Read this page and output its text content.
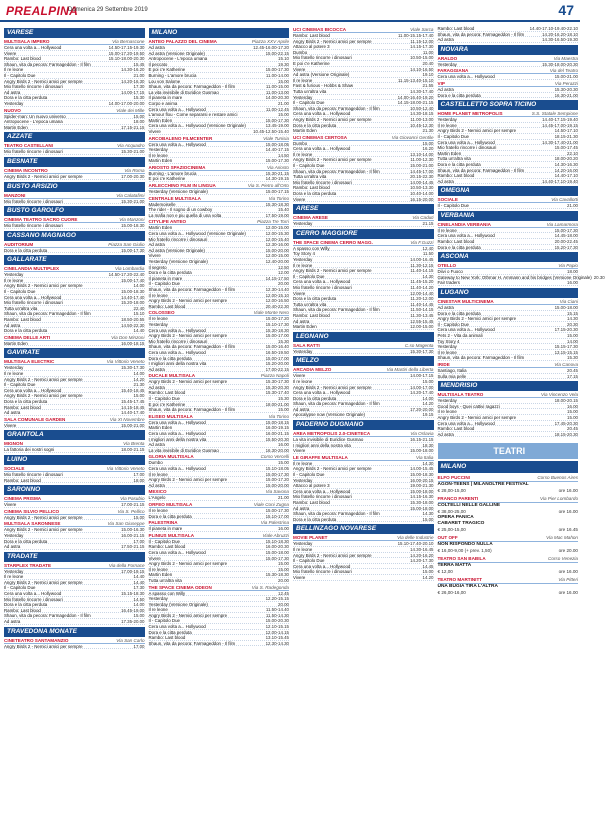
PREALPINA
Domenica 29 Settembre 2019	47
VARESE
MULTISALA IMPERO	Via Bernascone
Cera una volta a... Hollywood	14.50-17.15-19.30
Vivere	15.00-17.20-19.50
Rambo: Last blood	15.10-18.00-20.30
Shaun, vita da pecora: Farmageddon - Il film	15.45
Il re leone	14.30-16.20
Il - Capitolo Due	21.00
Angry Birds 2 - Nemici amici per sempre	14.20-16.30
Mio fratello rincorre i dinosauri	17.30
Ad astra	14.00-17.15
Dora e la citta perduta	15.30
Yesterday	14.00-17.00-20.00
NUOVO	Viale dei Mille
Spider-man: Un nuovo universo	15.00
Antropocene - L'epoca umana	18.00
Martin Eden	17.15-21.15
AZZATE
TEATRO CASTELLANI	Via Acquadro
Mio fratello rincorre i dinosauri	15.30-21.00
BESNATE
CINEMA INCONTRO	Via Roma
Angry Birds 2 - Nemici amici per sempre	17.00-20.30
BUSTO ARSIZIO
MANZONI	Via Calatafimi
Mio fratello rincorre i dinosauri	15.30-21.00
BUSTO GAROLFO
CINEMA TEATRO SACRO CUORE	Via Manzoni
Mio fratello rincorre i dinosauri	15.00-18.30
CASSANO MAGNAGO
AUDITORIUM	Piazza San Giulio
Dora e la citta perduta	15.00-17.30
GALLARATE
CINELANDIA MULTIPLEX	Via Lombardia
Yesterday	14.50-17.20-22.40
Il re leone	15.00-17.40
Angry Birds 2 - Nemici amici per sempre	14.00
Il - Capitolo Due	15.00-18.30
Cera una volta a... Hollywood	14.40-17.40
Mio fratello rincorre i dinosauri	15.20-18.00
Tutta un'altra vita	22.40
Shaun, vita da pecora: Farmageddon - Il film	15.10
Rambo: Last blood	18.50-20.55
Ad astra	14.50-22.30
Dora e la citta perduta	14.40
CINEMA DELLE ARTI	Via Don Minzoni
Martin Eden	16.00-18.15
GAVIRATE
MULTISALA ELECTRIC	Via Vittorio Veneto
Yesterday	15.30-17.30
Il re leone	14.00
Angry Birds 2 - Nemici amici per sempre	14.20
Il - Capitolo Due	21.30
Cera una volta a... Hollywood	15.40-18.45
Angry Birds 2 - Nemici amici per sempre	15.00
Dora e la citta perduta	15.45-17.45
Rambo: Last blood	14.15-18.45
Ad astra	14.40-17.40
SALA COMUNALE GARDEN	Via XI Novembre
Vivere	15.00-21.00
GRANTOLA
MIGNON	Via Brenta
La fattoria dei nostri sogni	18.00-21.15
LUINO
SOCIALE	Via Vittorio Veneto
Mio fratello rincorre i dinosauri	17.00
Rambo: Last blood	18.00
SARONNO
CINEMA PRISMA	Via Pasubio
Vivere	17.00-21.15
CINEMA SILVIO PELLICO	Via S. Pellico
Angry Birds 2 - Nemici amici per sempre	15.00
MULTISALA SARONNESE	Via San Giuseppe
Angry Birds 2 - Nemici amici per sempre	15.00-16.30
Yesterday	16.00-21.15
Dora e la citta perduta	17.00
Ad astra	17.50-21.15
TRADATE
STARPLEX TRADATE	Via della Fornace
Yesterday	17.00-19.15
Il re leone	14.40
Angry Birds 2 - Nemici amici per sempre	14.40
Il - Capitolo Due	17.30
Cera una volta a... Hollywood	15.15-18.30
Mio fratello rincorre i dinosauri	14.50
Dora e la citta perduta	14.00
Rambo: Last blood	16.45-19.00
Shaun, vita da pecora: Farmageddon - Il film	15.00
Ad astra	17.35-20.00
TRAVEDONA MONATE
CINETEATRO SANTAMANZIO	Via San Carlo
Angry Birds 2 - Nemici amici per sempre	17.00
MILANO
ANTEO PALAZZO DEL CINEMA	Piazza XXV Aprile
Ad astra	12.45-16.00-17.20
Ad astra (Versione Originale)	15.00-22.15
Antropocene - L'epoca umana	15.10
Il peccato	19.30
E poi c'e Katherine	15.00-17.30
Burning - L'amore brucia	11.00-14.00
Lou von Salome	15.00
Shaun, vita da pecora: Farmageddon - Il film	11.00-15.00
La vita invisibile di Euridice Gusmao	11.00-13.00
Il pianeta in mare	14.00-20.30
Corpo e anima	21.00
Cera una volta a... Hollywood	11.00-12.45
L'amour flou - Come separarsi e restare amici	15.00
Martin Eden	15.00-17.30
Cera una volta a... Hollywood (Versione Originale)	13.45-19.00
Vivere	10.45-12.50-15.40
ARCOBALENO FILMCENTER	Viale Tunisia
Cera una volta a... Hollywood	15.00-18.05
Yesterday	14.40-17.15
Il re leone	14.50
Martin Eden	15.00-17.30
ARIOSTO SPAZIOCINEMA	Via Ariosto
Burning - L'amore brucia	15.30-21.15
E poi c'e Katherine	14.30-19.15
ARLECCHINO FILM IN LINGUA	Via S. Pietro all'Orto
Yesterday (Versione Originale)	15.00-17.15
CENTRALE MULTISALA	Via Torino
Mademoiselle	15.30-18.30
The rider - Il sogno di un cowboy	15.40
La mafia non e piu quella di una volta	17.50-19.00
CITYLIFE ANTEO	Piazza Tre Torri
Martin Eden	12.00-15.00
Cera una volta a... Hollywood (Versione Originale)	12.00-15.30
Mio fratello rincorre i dinosauri	12.00-15.40
Ad astra	12.30-16.00
Ad astra (Versione Originale)	15.00-20.00
Vivere	12.00-15.00
Yesterday (Versione Originale)	12.40-20.00
Il segreto	12.50
Dora e la citta perduta	12.00
Il pianeta in mare	14.15-17.50
Il - Capitolo Due	20.00
Shaun, vita da pecora: Farmageddon - Il film	12.30-14.40
Il re leone	12.00-15.10
Angry Birds 2 - Nemici amici per sempre	12.00-16.50
Rambo: Last blood	20.40-22.30
COLOSSEO	Viale Monte Nero
Il re leone	15.00-17.20
Yesterday	15.10-17.30
Cera una volta a... Hollywood	15.30-18.30
Angry Birds 2 - Nemici amici per sempre	15.00-17.00
Mio fratello rincorre i dinosauri	15.30
Shaun, vita da pecora: Farmageddon - Il film	15.00-16.40
Cera una volta a... Hollywood	16.50-19.50
Dora e la citta perduta	15.00-17.00
I migliori anni della nostra vita	15.20-20.00
Ad astra	17.00-22.15
DUCALE MULTISALA	Piazza Napoli
Angry Birds 2 - Nemici amici per sempre	15.30-17.30
Ad astra	15.30-20.30
Rambo: Last blood	15.30-17.40
Il - Capitolo Due	15.30
E poi c'e Katherine	18.00-21.00
Shaun, vita da pecora: Farmageddon - Il film	15.00
ELISEO MULTISALA	Via Torino
Cera una volta a... Hollywood	15.00-18.15
Martin Eden	16.00-19.15
Cera una volta a... Hollywood	16.00-21.15
I migliori anni della nostra vita	15.50-20.30
Ad astra	16.00
La vita invisibile di Euridice Gusmao	16.30-20.00
GLORIA MULTISALA	Corso Vercelli
Dumbo	15.00
Cera una volta a... Hollywood	15.10-18.05
Il re leone	15.00-17.30
Angry Birds 2 - Nemici amici per sempre	15.00-17.20
Ad astra	15.00-20.00
MEXICO	Via Savona
L'Angelo	21.00
ORFEO MULTISALA	Viale Coni Zugna
Il re leone	15.00-17.30
Dora e la citta perduta	15.10-17.00
PALESTRINA	Via Palestrina
Il pianeta in mare	16.00
PLINIUS MULTISALA	Viale Abruzzi
Il - Capitolo Due	15.10-18.30
Rambo: Last blood	16.00-20.30
Cera una volta a... Hollywood	15.00-18.00
Vivere	15.00-17.30
Angry Birds 2 - Nemici amici per sempre	15.00
Il re leone	15.00
Martin Eden	15.30-18.30
Tutta un'altra vita	20.00
THE SPACE CINEMA ODEON	Via S. Radegonda
A spasso con Willy	12.45
Yesterday	12.20-15.15
Yesterday (Versione Originale)	20.00
Il re leone	11.50-14.40
Angry Birds 2 - Nemici amici per sempre	11.50-14.30
Il - Capitolo Due	15.00-20.30
Cera una volta a... Hollywood	12.10-15.15
Dora e la citta perduta	12.00-14.15
Rambo: Last blood	13.10-15.45
Shaun, vita da pecora: Farmageddon - Il film	12.30-14.30
UCI CINEMAS BICOCCA	Viale Sarca
Rambo: Last blood	11.00-15.15-17.40
Angry Birds 2 - Nemici amici per sempre	11.15-12.00
Attacco al potere 3	14.15-17.30
Dumbo	11.00
Mio fratello rincorre i dinosauri	10.50-15.00
E poi c'e Katherine	20.40
Vivere	14.10-16.50
Ad astra (Versione Originale)	19.10
Il re leone	11.15-13.40-15.10
Fast & furious - Hobbs & Shaw	21.55
Tutta un'altra vita	14.30-17.40
Yesterday	14.00-16.40-19.20
Il - Capitolo Due	14.15-18.00-21.15
Shaun, vita da pecora: Farmageddon - Il film	10.50-12.40
Cera una volta a... Hollywood	14.30-18.15
Angry Birds 2 - Nemici amici per sempre	11.00-13.00
Dora e la citta perduta	10.45-12.30
Martin Eden	21.30
UCI CINEMAS CERTOSA	Via Giovanni Gentile
Dumbo	15.00
Cera una volta a... Hollywood	16.20
Il re leone	13.10-14.00
Angry Birds 2 - Nemici amici per sempre	11.00-12.30
Il - Capitolo Due	15.00-21.00
Shaun, vita da pecora: Farmageddon - Il film	14.45-17.00
Tutta un'altra vita	20.15-22.30
Mio fratello rincorre i dinosauri	14.00-14.45
Rambo: Last blood	10.50-13.30
Dora e la citta perduta	10.40-14.00
Vivere	16.15-20.00
ARESE
CINEMA ARESE	Via Caduti
Yesterday	21.15
CERRO MAGGIORE
THE SPACE CINEMA CERRO MAGG.	Via F.Guzzi
A spasso con Willy	12.40
Toy Story 4	11.50
Yesterday	14.00-16.45
Il re leone	11.30-12.15
Angry Birds 2 - Nemici amici per sempre	11.40-14.15
Il - Capitolo Due	14.30
Cera una volta a... Hollywood	11.45-15.20
Mio fratello rincorre i dinosauri	11.40-14.20
Vivere	12.00-14.40
Dora e la citta perduta	11.20-12.00
Tutta un'altra vita	11.40-14.45
Shaun, vita da pecora: Farmageddon - Il film	11.50-14.15
Rambo: Last blood	11.30-13.45
Ad astra	12.55-15.45
Martin Eden	12.00-15.00
LEGNANO
SALA RATTI	C.so Magenta
Yesterday	15.30-17.30
MELZO
ARCADIA MELZO	Via Martiri della Liberta
Vivere	14.00-17.15
Il re leone	15.00
Angry Birds 2 - Nemici amici per sempre	14.00-17.00
Cera una volta a... Hollywood	14.20-17.40
Dora e la citta perduta	14.00
Shaun, vita da pecora: Farmageddon - Il film	14.20
Ad astra	17.20-20.00
Apocalypse now (Versione Originale)	19.15
PADERNO DUGNANO
AREA METROPOLIS 2.0-CINETECA	Via Oslavia
La vita invisibile di Euridice Gusmao	16.15-21.15
I migliori anni della nostra vita	18.30
Vivere	15.00-18.00
LE GIRAFFE MULTISALA	Via Italia
Il re leone	14.30
Angry Birds 2 - Nemici amici per sempre	14.00-15.45
Il - Capitolo Due	15.00-18.30
Yesterday	16.00-20.15
Attacco al potere 3	19.00-21.30
Cera una volta a... Hollywood	15.00-18.00
Mio fratello rincorre i dinosauri	14.15-16.30
Rambo: Last blood	15.30-18.00
Ad astra	15.00-18.00
Shaun, vita da pecora: Farmageddon - Il film	14.30
Dora e la citta perduta	15.00
BELLINZAGO NOVARESE
MOVIE PLANET	Via delle Industrie
Yesterday	15.10-17.40-20.10
Il re leone	14.30-16.45
Angry Birds 2 - Nemici amici per sempre	14.20-16.20
Il - Capitolo Due	14.20-17.30
Cera una volta a... Hollywood	14.45
Mio fratello rincorre i dinosauri	15.00
Vivere	14.20
Rambo: Last blood	14.40-17.10-19.40-22.10
Shaun, vita da pecora: Farmageddon - Il film	14.20-16.20-18.10
Ad astra	14.30-16.50-19.30
NOVARA
ARALDO	Via Maestra
Yesterday	15.30-18.00-20.30
FARAGGIANA	Via del Teatro
Cera una volta a... Hollywood	15.00-21.00
VIP	Via Perazzi
Ad astra	15.30-20.30
Dora e la citta perduta	16.30-21.00
CASTELLETTO SOPRA TICINO
HOME PLANET METROPOLIS	S.S. Statale Sempione
Yesterday	14.40-17.15-19.40
Il re leone	14.45-17.00-19.15
Angry Birds 2 - Nemici amici per sempre	14.50-17.10
Il - Capitolo Due	18.15-21.30
Cera una volta a... Hollywood	14.30-17.40-21.00
Mio fratello rincorre i dinosauri	15.00-17.45
Martin Eden	22.10
Tutta un'altra vita	18.00-20.20
Dora e la citta perduta	14.30-16.30
Shaun, vita da pecora: Farmageddon - Il film	14.20-16.00
Rambo: Last blood	14.40-17.10
Ad astra	14.40-17.10-19.40
OMEGNA
SOCIALE	Via Cavallotti
Il - Capitolo Due	21.00
VERBANIA
CINELANDIA VERBANIA	Via Lamarmora
Il re leone	15.00-17.30
Cera una volta a... Hollywood	14.45-18.00
Rambo: Last blood	20.00-22.45
Dora e la citta perduta	15.20-17.30
ASCONA
OTELLO	Via Papio
Diivi o Fuoco	18.00
Gateway to New York: Othmar H. Ammann and his bridges (Versione Originale) 20.30
Fair traders	16.00
LUGANO
CINESTAR MULTICINEMA	Via Ciani
Ad astra	15.00-18.00
Dora e la citta perduta	15.15
Angry Birds 2 - Nemici amici per sempre	14.30
Il - Capitolo Due	20.30
Cera una volta a... Hollywood	17.15-20.30
Pets 2 - Vita da animali	15.00
Toy Story 4	14.00
Yesterday	15.15-17.30
Il re leone	13.15-15.15
Shaun, vita da pecora: Farmageddon - Il film	15.30
IRIDE	Via Canova
Santiago, Italia	20.45
Sulla mia pelle	17.15
MENDRISIO
MULTISALA TEATRO	Via Vincenzo Vela
Yesterday	18.00-20.15
Good boys - Quei cattivi ragazzi	16.00
Il re leone	15.00
Angry Birds 2 - Nemici amici per sempre	15.00
Cera una volta a... Hollywood	17.45-20.30
Rambo: Last blood	20.45
Ad astra	18.15-20.30
TEATRI
MILANO
ELFO PUCCINI	Corso Buenos Aires
AGON-TEENS | MILANOLTRE FESTIVAL
€ 28,00-15,00	ore 16.00
FRANCO PARENTI	Via Pier Lombardo
COLTELLI NELLE GALLINE
€ 38,00-25,00	ore 16.00
OPERA PANICA
CABARET TRAGICO
€ 25,00-15,00	ore 16.45
OUT OFF	Via Mac Mahon
NON RISPONDO NULLA
€ 16,00-9,00 (+ prev. 1,50)	ore 20.00
TEATRO SAN BABILA	Corso Venezia
TERRA MATTA
€ 12,00	ore 16.00
TEATRO MARTINITT	Via Pitteri
UNA BUGIA TIRA L'ALTRA
€ 26,00-16,00	ore 16.00
